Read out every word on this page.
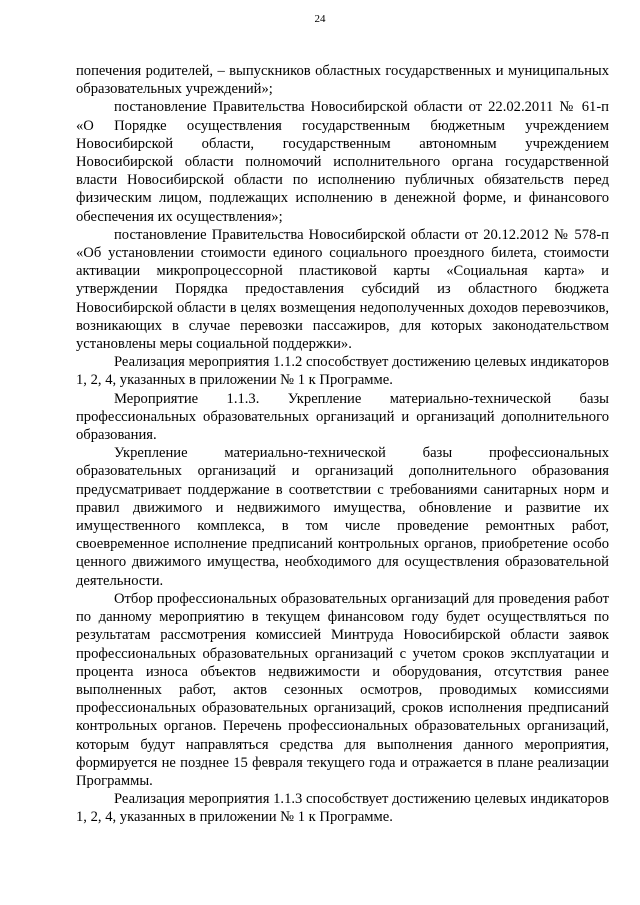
24

попечения родителей, – выпускников областных государственных и муниципальных образовательных учреждений»;

постановление Правительства Новосибирской области от 22.02.2011 № 61-п «О Порядке осуществления государственным бюджетным учреждением Новосибирской области, государственным автономным учреждением Новосибирской области полномочий исполнительного органа государственной власти Новосибирской области по исполнению публичных обязательств перед физическим лицом, подлежащих исполнению в денежной форме, и финансового обеспечения их осуществления»;

постановление Правительства Новосибирской области от 20.12.2012 № 578-п «Об установлении стоимости единого социального проездного билета, стоимости активации микропроцессорной пластиковой карты «Социальная карта» и утверждении Порядка предоставления субсидий из областного бюджета Новосибирской области в целях возмещения недополученных доходов перевозчиков, возникающих в случае перевозки пассажиров, для которых законодательством установлены меры социальной поддержки».

Реализация мероприятия 1.1.2 способствует достижению целевых индикаторов 1, 2, 4, указанных в приложении № 1 к Программе.

Мероприятие 1.1.3. Укрепление материально-технической базы профессиональных образовательных организаций и организаций дополнительного образования.

Укрепление материально-технической базы профессиональных образовательных организаций и организаций дополнительного образования предусматривает поддержание в соответствии с требованиями санитарных норм и правил движимого и недвижимого имущества, обновление и развитие их имущественного комплекса, в том числе проведение ремонтных работ, своевременное исполнение предписаний контрольных органов, приобретение особо ценного движимого имущества, необходимого для осуществления образовательной деятельности.

Отбор профессиональных образовательных организаций для проведения работ по данному мероприятию в текущем финансовом году будет осуществляться по результатам рассмотрения комиссией Минтруда Новосибирской области заявок профессиональных образовательных организаций с учетом сроков эксплуатации и процента износа объектов недвижимости и оборудования, отсутствия ранее выполненных работ, актов сезонных осмотров, проводимых комиссиями профессиональных образовательных организаций, сроков исполнения предписаний контрольных органов. Перечень профессиональных образовательных организаций, которым будут направляться средства для выполнения данного мероприятия, формируется не позднее 15 февраля текущего года и отражается в плане реализации Программы.

Реализация мероприятия 1.1.3 способствует достижению целевых индикаторов 1, 2, 4, указанных в приложении № 1 к Программе.
